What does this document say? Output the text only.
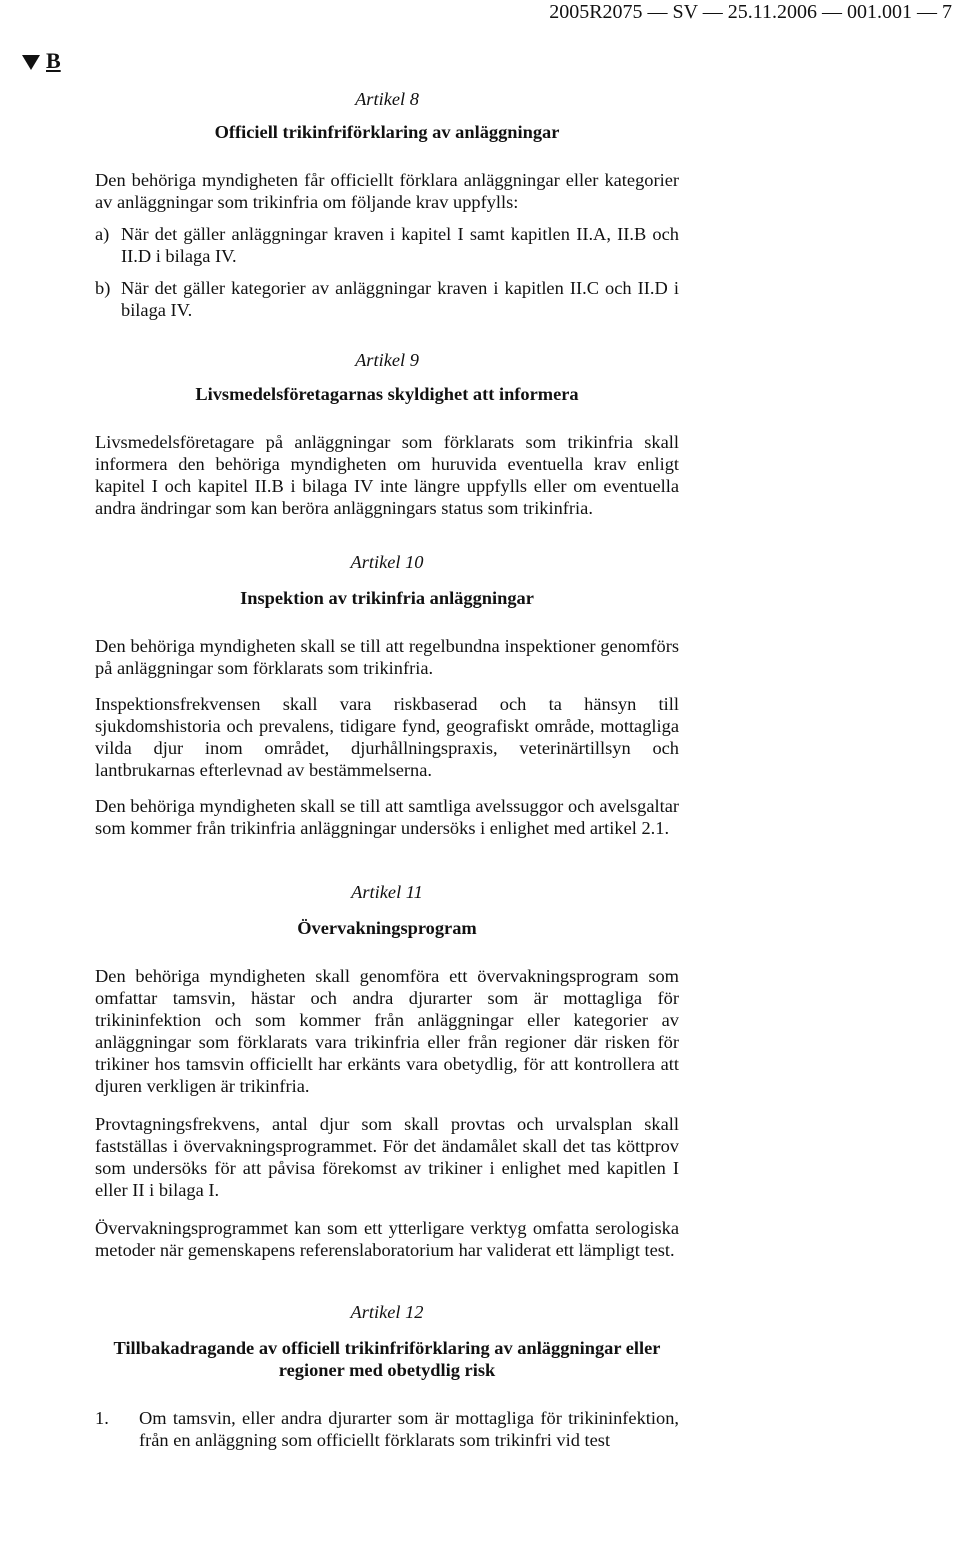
2005R2075 — SV — 25.11.2006 — 001.001 — 7
B
Artikel 8
Officiell trikinfriförklaring av anläggningar

Den behöriga myndigheten får officiellt förklara anläggningar eller kategorier av anläggningar som trikinfria om följande krav uppfylls:

a) När det gäller anläggningar kraven i kapitel I samt kapitlen II.A, II.B och II.D i bilaga IV.
b) När det gäller kategorier av anläggningar kraven i kapitlen II.C och II.D i bilaga IV.
Artikel 9
Livsmedelsföretagarnas skyldighet att informera

Livsmedelsföretagare på anläggningar som förklarats som trikinfria skall informera den behöriga myndigheten om huruvida eventuella krav enligt kapitel I och kapitel II.B i bilaga IV inte längre uppfylls eller om eventuella andra ändringar som kan beröra anläggningars status som trikinfria.

Artikel 10
Inspektion av trikinfria anläggningar

Den behöriga myndigheten skall se till att regelbundna inspektioner genomförs på anläggningar som förklarats som trikinfria.

Inspektionsfrekvensen skall vara riskbaserad och ta hänsyn till sjukdomshistoria och prevalens, tidigare fynd, geografiskt område, mottagliga vilda djur inom området, djurhållningspraxis, veterinärtillsyn och lantbrukarnas efterlevnad av bestämmelserna.

Den behöriga myndigheten skall se till att samtliga avelssuggor och avelsgaltar som kommer från trikinfria anläggningar undersöks i enlighet med artikel 2.1.

Artikel 11
Övervakningsprogram

Den behöriga myndigheten skall genomföra ett övervakningsprogram som omfattar tamsvin, hästar och andra djurarter som är mottagliga för trikininfektion och som kommer från anläggningar eller kategorier av anläggningar som förklarats vara trikinfria eller från regioner där risken för trikiner hos tamsvin officiellt har erkänts vara obetydlig, för att kontrollera att djuren verkligen är trikinfria.

Provtagningsfrekvens, antal djur som skall provtas och urvalsplan skall fastställas i övervakningsprogrammet. För det ändamålet skall det tas köttprov som undersöks för att påvisa förekomst av trikiner i enlighet med kapitlen I eller II i bilaga I.

Övervakningsprogrammet kan som ett ytterligare verktyg omfatta serologiska metoder när gemenskapens referenslaboratorium har validerat ett lämpligt test.

Artikel 12
Tillbakadragande av officiell trikinfriförklaring av anläggningar eller regioner med obetydlig risk
1.	Om tamsvin, eller andra djurarter som är mottagliga för trikininfektion, från en anläggning som officiellt förklarats som trikinfri vid test
